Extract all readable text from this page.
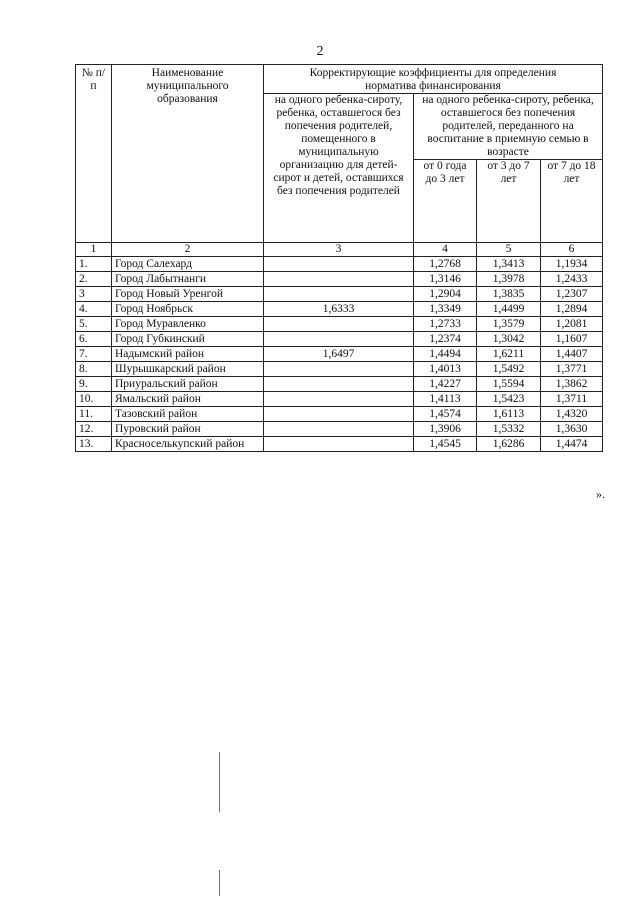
2
№ п/п	Наименование муниципального образования	Корректирующие коэффициенты для определения норматива финансирования			
		на одного ребенка-сироту, ребенка, оставшегося без попечения родителей, помещенного в муниципальную организацию для детей-сирот и детей, оставшихся без попечения родителей	на одного ребенка-сироту, ребенка, оставшегося без попечения родителей, переданного на воспитание в приемную семью в возрасте		
			от 0 года до 3 лет	от 3 до 7 лет	от 7 до 18 лет
1	2	3	4	5	6
1.	Город Салехард		1,2768	1,3413	1,1934
2.	Город Лабытнанги		1,3146	1,3978	1,2433
3	Город Новый Уренгой		1,2904	1,3835	1,2307
4.	Город Ноябрьск	1,6333	1,3349	1,4499	1,2894
5.	Город Муравленко		1,2733	1,3579	1,2081
6.	Город Губкинский		1,2374	1,3042	1,1607
7.	Надымский район	1,6497	1,4494	1,6211	1,4407
8.	Шурышкарский район		1,4013	1,5492	1,3771
9.	Приуральский район		1,4227	1,5594	1,3862
10.	Ямальский район		1,4113	1,5423	1,3711
11.	Тазовский район		1,4574	1,6113	1,4320
12.	Пуровский район		1,3906	1,5332	1,3630
13.	Красноселькупский район		1,4545	1,6286	1,4474
».
